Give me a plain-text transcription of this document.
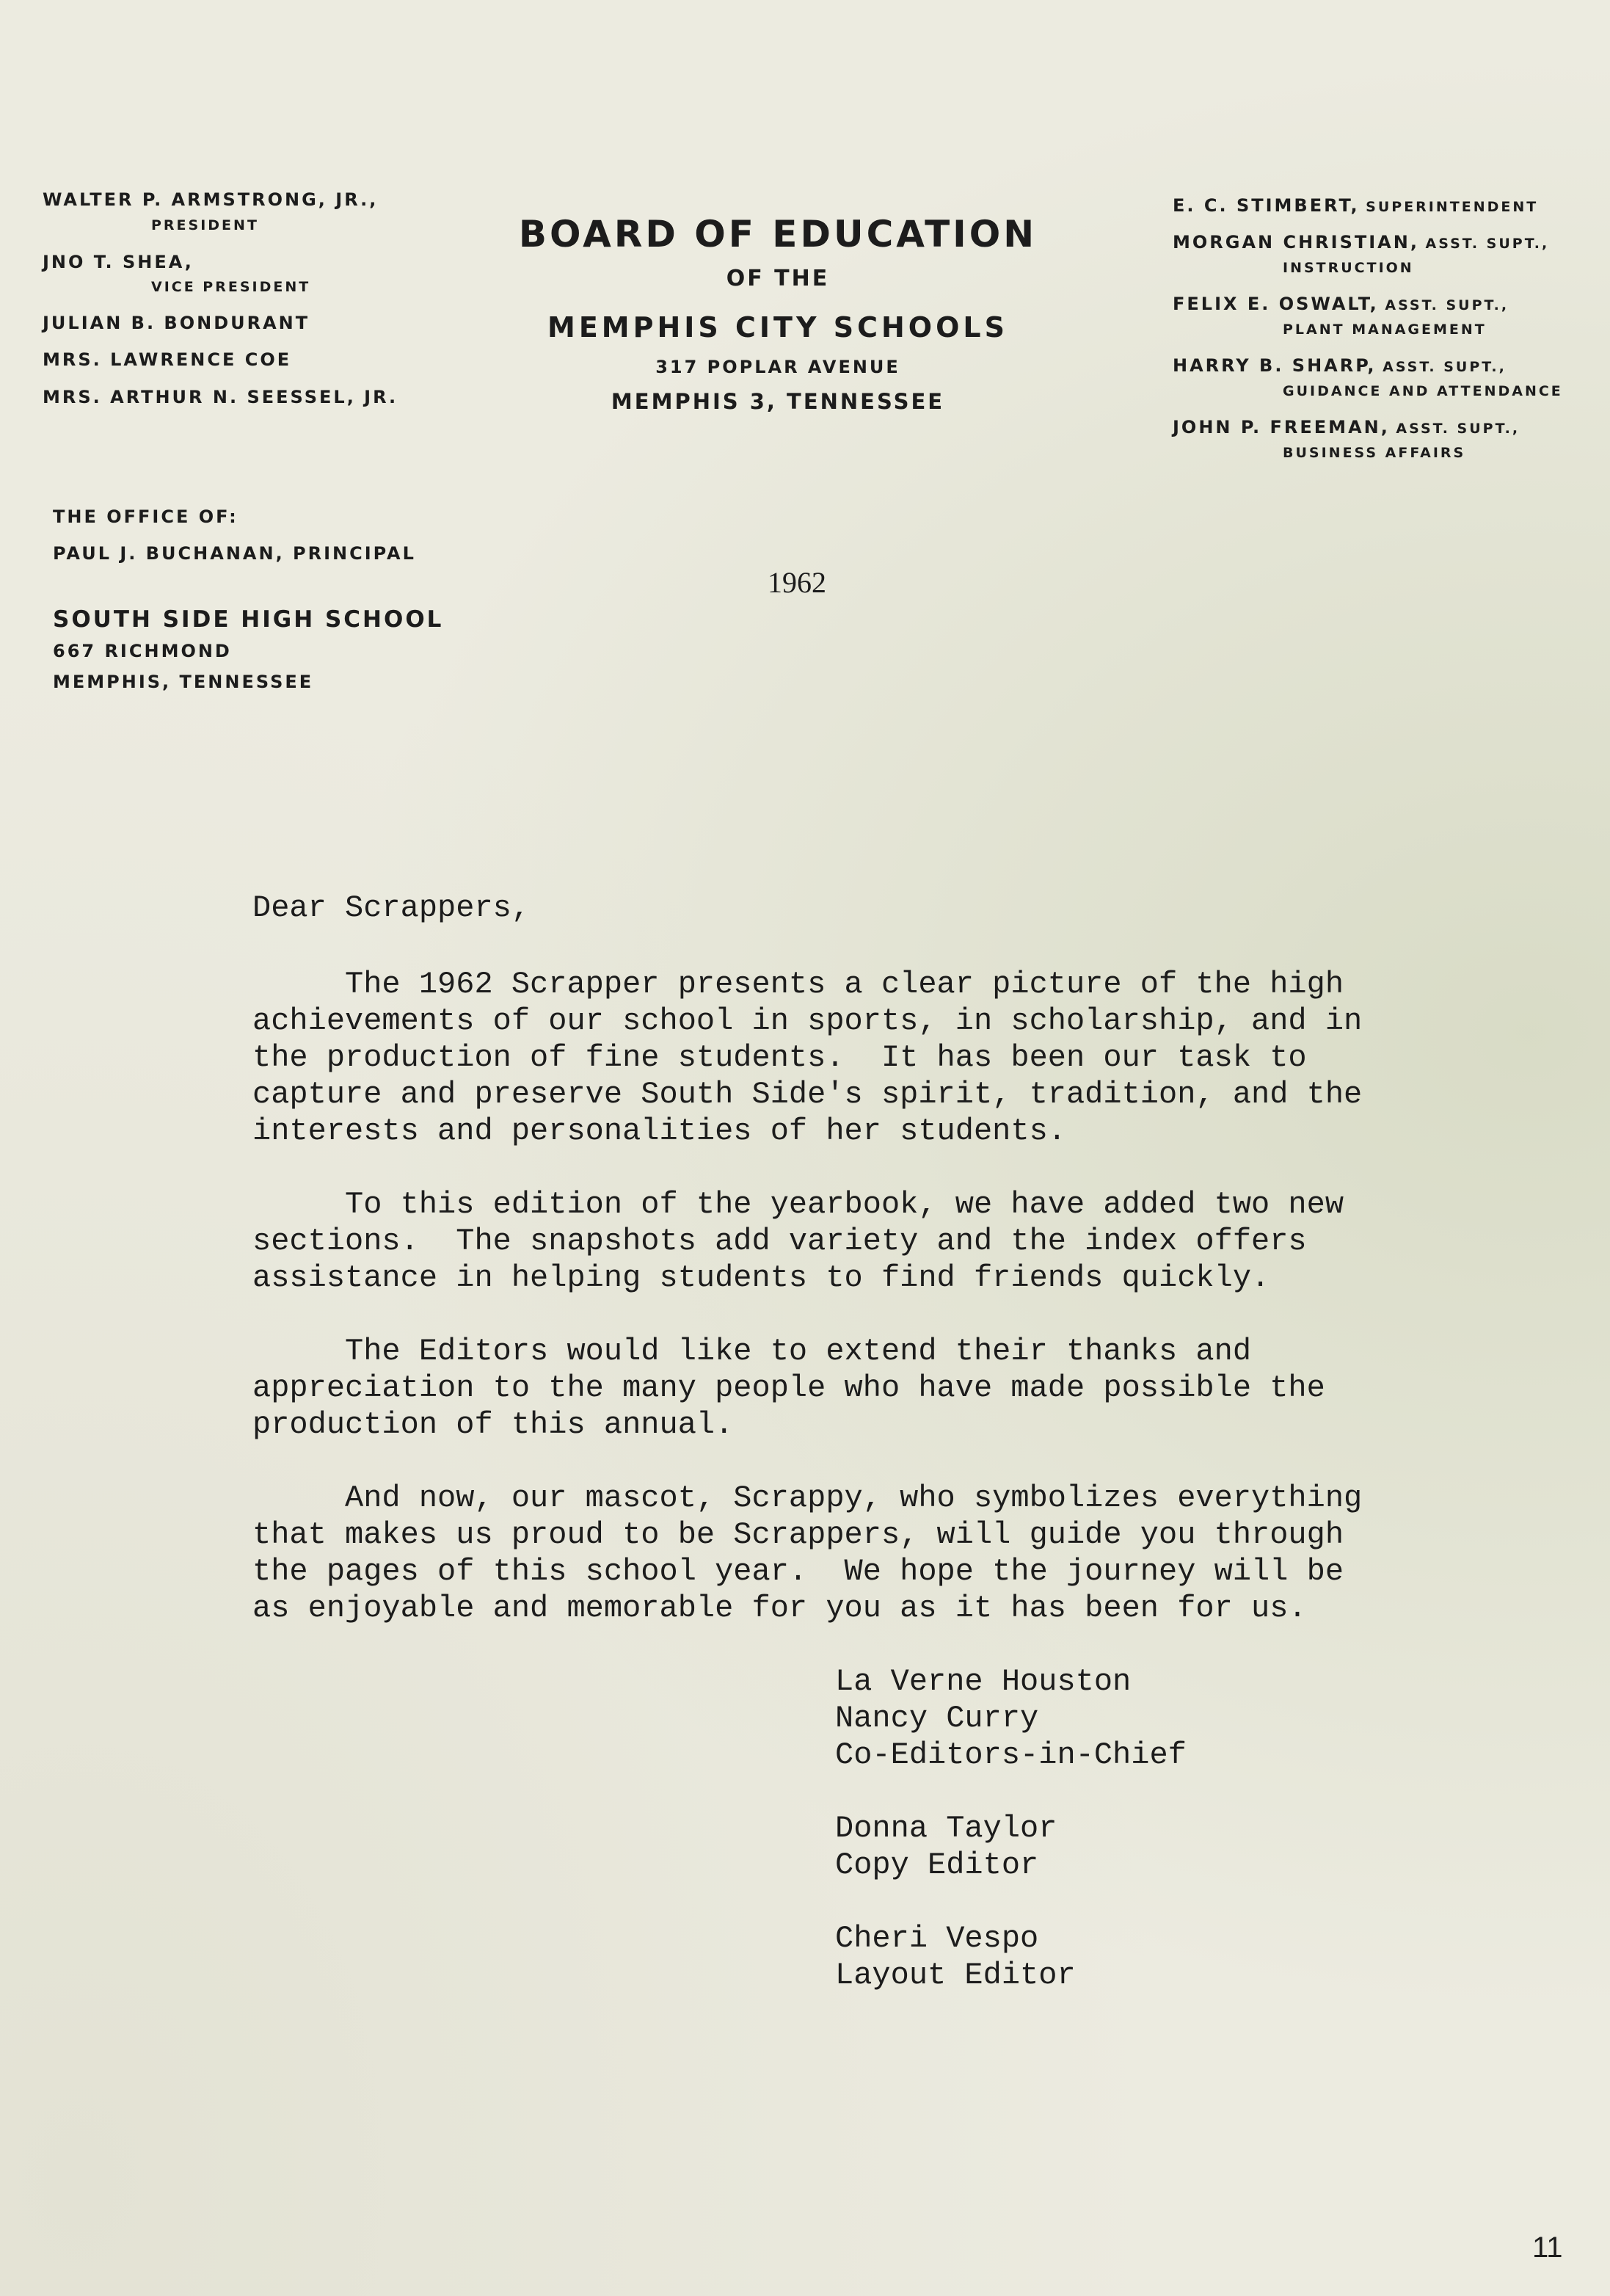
WALTER P. ARMSTRONG, JR.,
PRESIDENT
JNO T. SHEA,
VICE PRESIDENT
JULIAN B. BONDURANT
MRS. LAWRENCE COE
MRS. ARTHUR N. SEESSEL, JR.
BOARD OF EDUCATION
OF THE
MEMPHIS CITY SCHOOLS
317 POPLAR AVENUE
MEMPHIS 3, TENNESSEE
E. C. STIMBERT, SUPERINTENDENT
MORGAN CHRISTIAN, ASST. SUPT.,
INSTRUCTION
FELIX E. OSWALT, ASST. SUPT.,
PLANT MANAGEMENT
HARRY B. SHARP, ASST. SUPT.,
GUIDANCE AND ATTENDANCE
JOHN P. FREEMAN, ASST. SUPT.,
BUSINESS AFFAIRS
THE OFFICE OF:
PAUL J. BUCHANAN, PRINCIPAL
SOUTH SIDE HIGH SCHOOL
667 RICHMOND
MEMPHIS, TENNESSEE
1962
Dear Scrappers,
The 1962 Scrapper presents a clear picture of the high
achievements of our school in sports, in scholarship, and in
the production of fine students.  It has been our task to
capture and preserve South Side's spirit, tradition, and the
interests and personalities of her students.
To this edition of the yearbook, we have added two new
sections.  The snapshots add variety and the index offers
assistance in helping students to find friends quickly.
The Editors would like to extend their thanks and
appreciation to the many people who have made possible the
production of this annual.
And now, our mascot, Scrappy, who symbolizes everything
that makes us proud to be Scrappers, will guide you through
the pages of this school year.  We hope the journey will be
as enjoyable and memorable for you as it has been for us.
La Verne Houston
Nancy Curry
Co-Editors-in-Chief
Donna Taylor
Copy Editor
Cheri Vespo
Layout Editor
11
